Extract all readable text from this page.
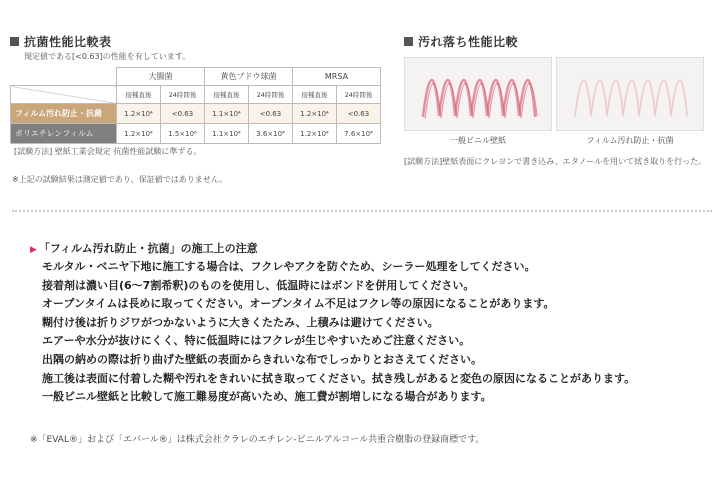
抗菌性能比較表
規定値である[<0.63]の性能を有しています。
	大腸菌		黄色ブドウ球菌		MRSA	
	接種直後	24時間後	接種直後	24時間後	接種直後	24時間後
フィルム汚れ防止・抗菌	1.2×10⁴	<0.63	1.1×10⁴	<0.63	1.2×10⁴	<0.63
ポリエチレンフィルム	1.2×10⁴	1.5×10⁶	1.1×10⁴	3.6×10⁴	1.2×10⁴	7.6×10⁴
[試験方法] 壁紙工業会規定 抗菌性能試験に準ずる。
※上記の試験結果は測定値であり、保証値ではありません。
汚れ落ち性能比較
一般ビニル壁紙	フィルム汚れ防止・抗菌
[試験方法]壁紙表面にクレヨンで書き込み、エタノールを用いて拭き取りを行った。
▶ 「フィルム汚れ防止・抗菌」の施工上の注意
モルタル・ベニヤ下地に施工する場合は、フクレやアクを防ぐため、シーラー処理をしてください。
接着剤は濃い目(6～7割希釈)のものを使用し、低温時にはボンドを併用してください。
オープンタイムは長めに取ってください。オープンタイム不足はフクレ等の原因になることがあります。
糊付け後は折りジワがつかないように大きくたたみ、上積みは避けてください。
エアーや水分が抜けにくく、特に低温時にはフクレが生じやすいためご注意ください。
出隅の納めの際は折り曲げた壁紙の表面からきれいな布でしっかりとおさえてください。
施工後は表面に付着した糊や汚れをきれいに拭き取ってください。拭き残しがあると変色の原因になることがあります。
一般ビニル壁紙と比較して施工難易度が高いため、施工費が割増しになる場合があります。
※「EVAL®」および「エバール®」は株式会社クラレのエチレン-ビニルアルコール共重合樹脂の登録商標です。
